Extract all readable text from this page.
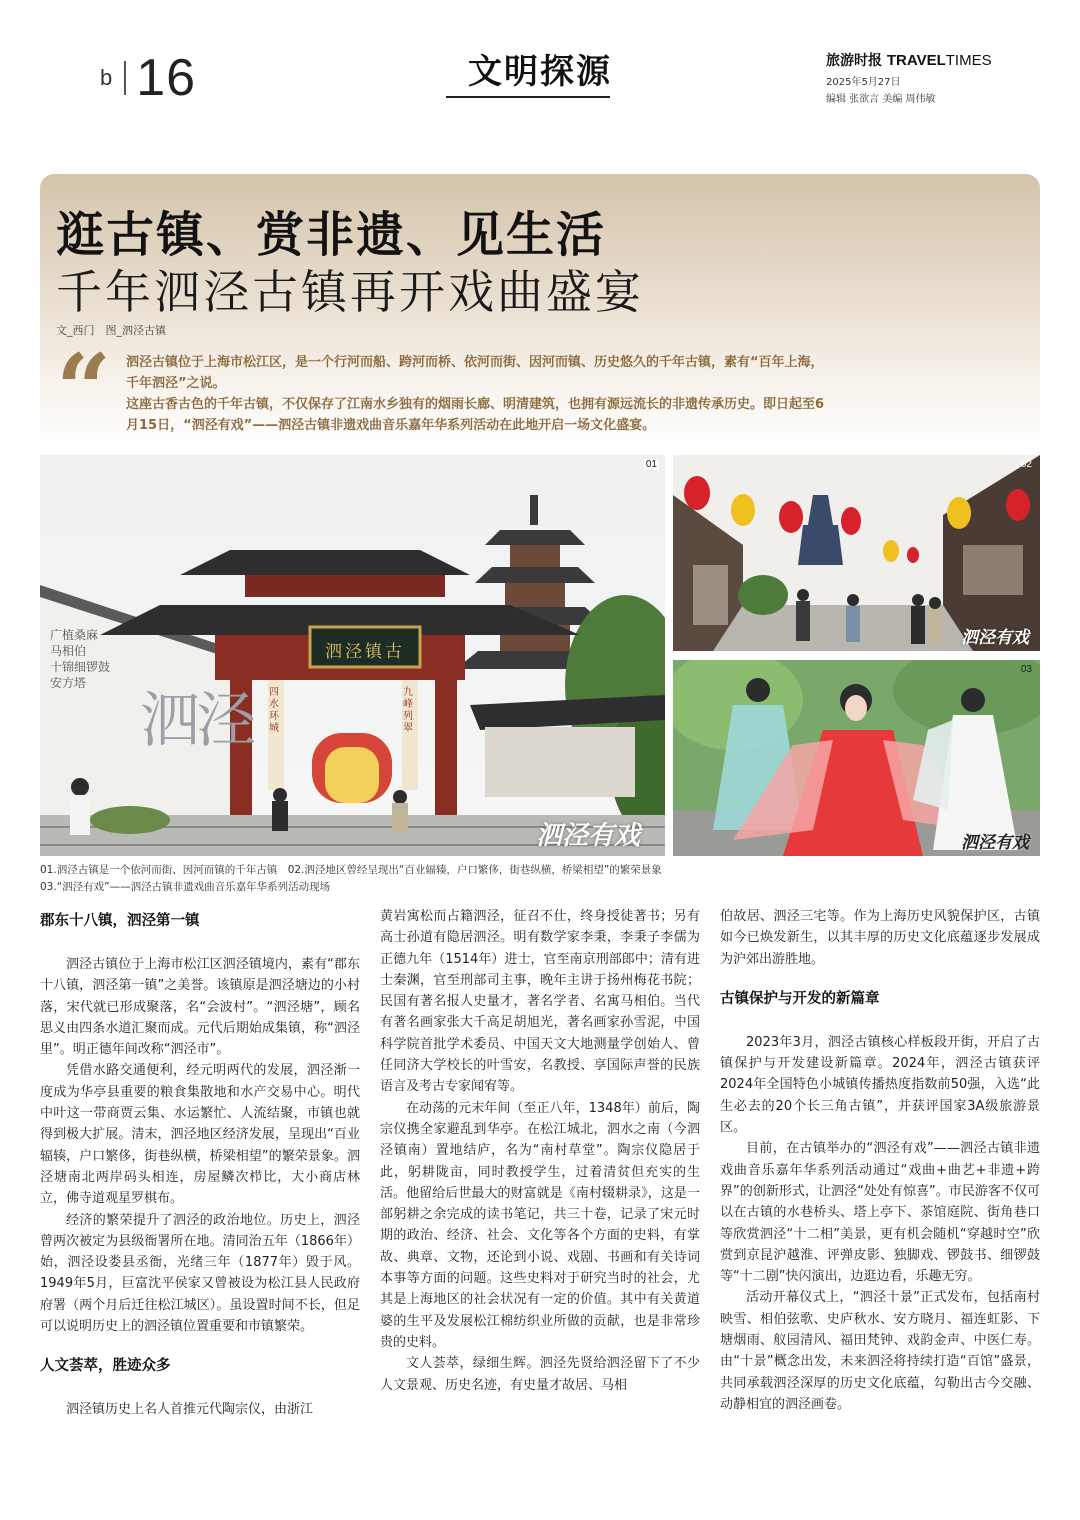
b 16	文明探源	旅游时报 TRAVELTIMES
2025年5月27日
编辑 张欲言 美编 周伟敏
逛古镇、赏非遗、见生活
千年泗泾古镇再开戏曲盛宴
文_西门　图_泗泾古镇
“ 泗泾古镇位于上海市松江区，是一个行河而船、跨河而桥、依河而街、因河而镇、历史悠久的千年古镇，素有“百年上海，千年泗泾”之说。

这座古香古色的千年古镇，不仅保存了江南水乡独有的烟雨长廊、明清建筑，也拥有源远流长的非遗传承历史。即日起至6月15日，“泗泾有戏”——泗泾古镇非遗戏曲音乐嘉年华系列活动在此地开启一场文化盛宴。

01
泗泾镇古
泗泾
广植桑麻
马相伯
十锦细锣鼓
安方塔
四水环城
九峰列翠
泗泾有戏
02
泗泾有戏
03
泗泾有戏
01.泗泾古镇是一个依河而街、因河而镇的千年古镇　02.泗泾地区曾经呈现出“百业辐辏，户口繁侈，街巷纵横，桥梁相望”的繁荣景象
03.“泗泾有戏”——泗泾古镇非遗戏曲音乐嘉年华系列活动现场
郡东十八镇，泗泾第一镇

泗泾古镇位于上海市松江区泗泾镇境内，素有“郡东十八镇，泗泾第一镇”之美誉。该镇原是泗泾塘边的小村落，宋代就已形成聚落，名“会波村”。“泗泾塘”，顾名思义由四条水道汇聚而成。元代后期始成集镇，称“泗泾里”。明正德年间改称“泗泾市”。

凭借水路交通便利，经元明两代的发展，泗泾渐一度成为华亭县重要的粮食集散地和水产交易中心。明代中叶这一带商贾云集、水运繁忙、人流结聚，市镇也就得到极大扩展。清末，泗泾地区经济发展，呈现出“百业辐辏，户口繁侈，街巷纵横，桥梁相望”的繁荣景象。泗泾塘南北两岸码头相连，房屋鳞次栉比，大小商店林立，佛寺道观星罗棋布。

经济的繁荣提升了泗泾的政治地位。历史上，泗泾曾两次被定为县级衙署所在地。清同治五年（1866年）始，泗泾设娄县丞衙，光绪三年（1877年）毁于风。1949年5月，巨富沈平侯家又曾被设为松江县人民政府府署（两个月后迁往松江城区）。虽设置时间不长，但足可以说明历史上的泗泾镇位置重要和市镇繁荣。

人文荟萃，胜迹众多

泗泾镇历史上名人首推元代陶宗仪，由浙江

黄岩寓松而占籍泗泾，征召不仕，终身授徒著书；另有高士孙道有隐居泗泾。明有数学家李秉，李秉子李儒为正德九年（1514年）进士，官至南京刑部郎中；清有进士秦渊，官至刑部司主事，晚年主讲于扬州梅花书院；民国有著名报人史量才，著名学者、名寓马相伯。当代有著名画家张大千高足胡旭光，著名画家孙雪泥，中国科学院首批学术委员、中国天文大地测量学创始人、曾任同济大学校长的叶雪安，名教授、享国际声誉的民族语言及考古专家闻宥等。

在动荡的元末年间（至正八年，1348年）前后，陶宗仪携全家避乱到华亭。在松江城北，泗水之南（今泗泾镇南）置地结庐，名为“南村草堂”。陶宗仪隐居于此，躬耕陇亩，同时教授学生，过着清贫但充实的生活。他留给后世最大的财富就是《南村辍耕录》，这是一部躬耕之余完成的读书笔记，共三十卷，记录了宋元时期的政治、经济、社会、文化等各个方面的史料，有掌故、典章、文物，还论到小说、戏剧、书画和有关诗词本事等方面的问题。这些史料对于研究当时的社会，尤其是上海地区的社会状况有一定的价值。其中有关黄道婆的生平及发展松江棉纺织业所做的贡献，也是非常珍贵的史料。

文人荟萃，绿细生辉。泗泾先贤给泗泾留下了不少人文景观、历史名迹，有史量才故居、马相

伯故居、泗泾三宅等。作为上海历史风貌保护区，古镇如今已焕发新生，以其丰厚的历史文化底蕴逐步发展成为沪郊出游胜地。

古镇保护与开发的新篇章

2023年3月，泗泾古镇核心样板段开街，开启了古镇保护与开发建设新篇章。2024年，泗泾古镇获评2024年全国特色小城镇传播热度指数前50强，入选“此生必去的20个长三角古镇”，并获评国家3A级旅游景区。

目前，在古镇举办的“泗泾有戏”——泗泾古镇非遗戏曲音乐嘉年华系列活动通过“戏曲+曲艺+非遗+跨界”的创新形式，让泗泾“处处有惊喜”。市民游客不仅可以在古镇的水巷桥头、塔上亭下、茶馆庭院、街角巷口等欣赏泗泾“十二相”美景，更有机会随机“穿越时空”欣赏到京昆沪越淮、评弹皮影、独脚戏、锣鼓书、细锣鼓等“十二剧”快闪演出，边逛边看，乐趣无穷。

活动开幕仪式上，“泗泾十景”正式发布，包括南村映雪、相伯弦歌、史庐秋水、安方晓月、福连虹影、下塘烟雨、舣园清风、福田梵钟、戏韵金声、中医仁寿。由“十景”概念出发，未来泗泾将持续打造“百馆”盛景，共同承载泗泾深厚的历史文化底蕴，勾勒出古今交融、动静相宜的泗泾画卷。
